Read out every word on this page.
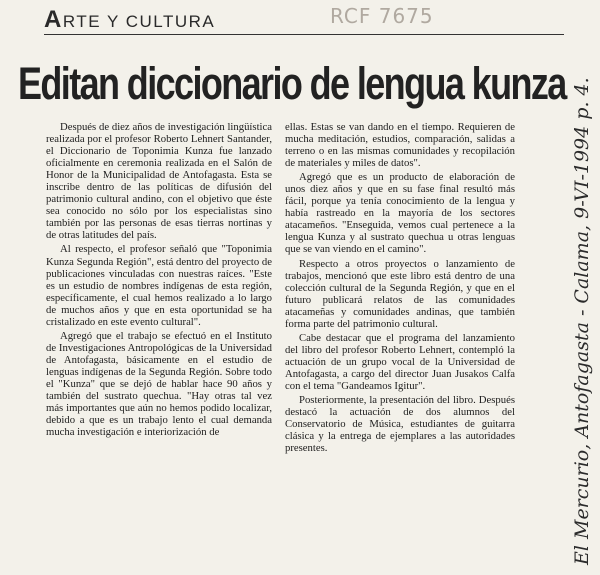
ARTE Y CULTURA	RCF 7675
Editan diccionario de lengua kunza

Después de diez años de investigación lingüística realizada por el profesor Roberto Lehnert Santander, el Diccionario de Toponimia Kunza fue lanzado oficialmente en ceremonia realizada en el Salón de Honor de la Municipalidad de Antofagasta. Esta se inscribe dentro de las políticas de difusión del patrimonio cultural andino, con el objetivo que éste sea conocido no sólo por los especialistas sino también por las personas de esas tierras nortinas y de otras latitudes del país.

Al respecto, el profesor señaló que "Toponimia Kunza Segunda Región", está dentro del proyecto de publicaciones vinculadas con nuestras raíces. "Este es un estudio de nombres indígenas de esta región, específicamente, el cual hemos realizado a lo largo de muchos años y que en esta oportunidad se ha cristalizado en este evento cultural".

Agregó que el trabajo se efectuó en el Instituto de Investigaciones Antropológicas de la Universidad de Antofagasta, básicamente en el estudio de lenguas indígenas de la Segunda Región. Sobre todo el "Kunza" que se dejó de hablar hace 90 años y también del sustrato quechua. "Hay otras tal vez más importantes que aún no hemos podido localizar, debido a que es un trabajo lento el cual demanda mucha investigación e interiorización de

ellas. Estas se van dando en el tiempo. Requieren de mucha meditación, estudios, comparación, salidas a terreno o en las mismas comunidades y recopilación de materiales y miles de datos".

Agregó que es un producto de elaboración de unos diez años y que en su fase final resultó más fácil, porque ya tenía conocimiento de la lengua y había rastreado en la mayoría de los sectores atacameños. "Enseguida, vemos cual pertenece a la lengua Kunza y al sustrato quechua u otras lenguas que se van viendo en el camino".

Respecto a otros proyectos o lanzamiento de trabajos, mencionó que este libro está dentro de una colección cultural de la Segunda Región, y que en el futuro publicará relatos de las comunidades atacameñas y comunidades andinas, que también forma parte del patrimonio cultural.

Cabe destacar que el programa del lanzamiento del libro del profesor Roberto Lehnert, contempló la actuación de un grupo vocal de la Universidad de Antofagasta, a cargo del director Juan Jusakos Calfa con el tema "Gandeamos Igitur".

Posteriormente, la presentación del libro. Después destacó la actuación de dos alumnos del Conservatorio de Música, estudiantes de guitarra clásica y la entrega de ejemplares a las autoridades presentes.	El Mercurio, Antofagasta - Calama, 9-VI-1994 p. 4.
